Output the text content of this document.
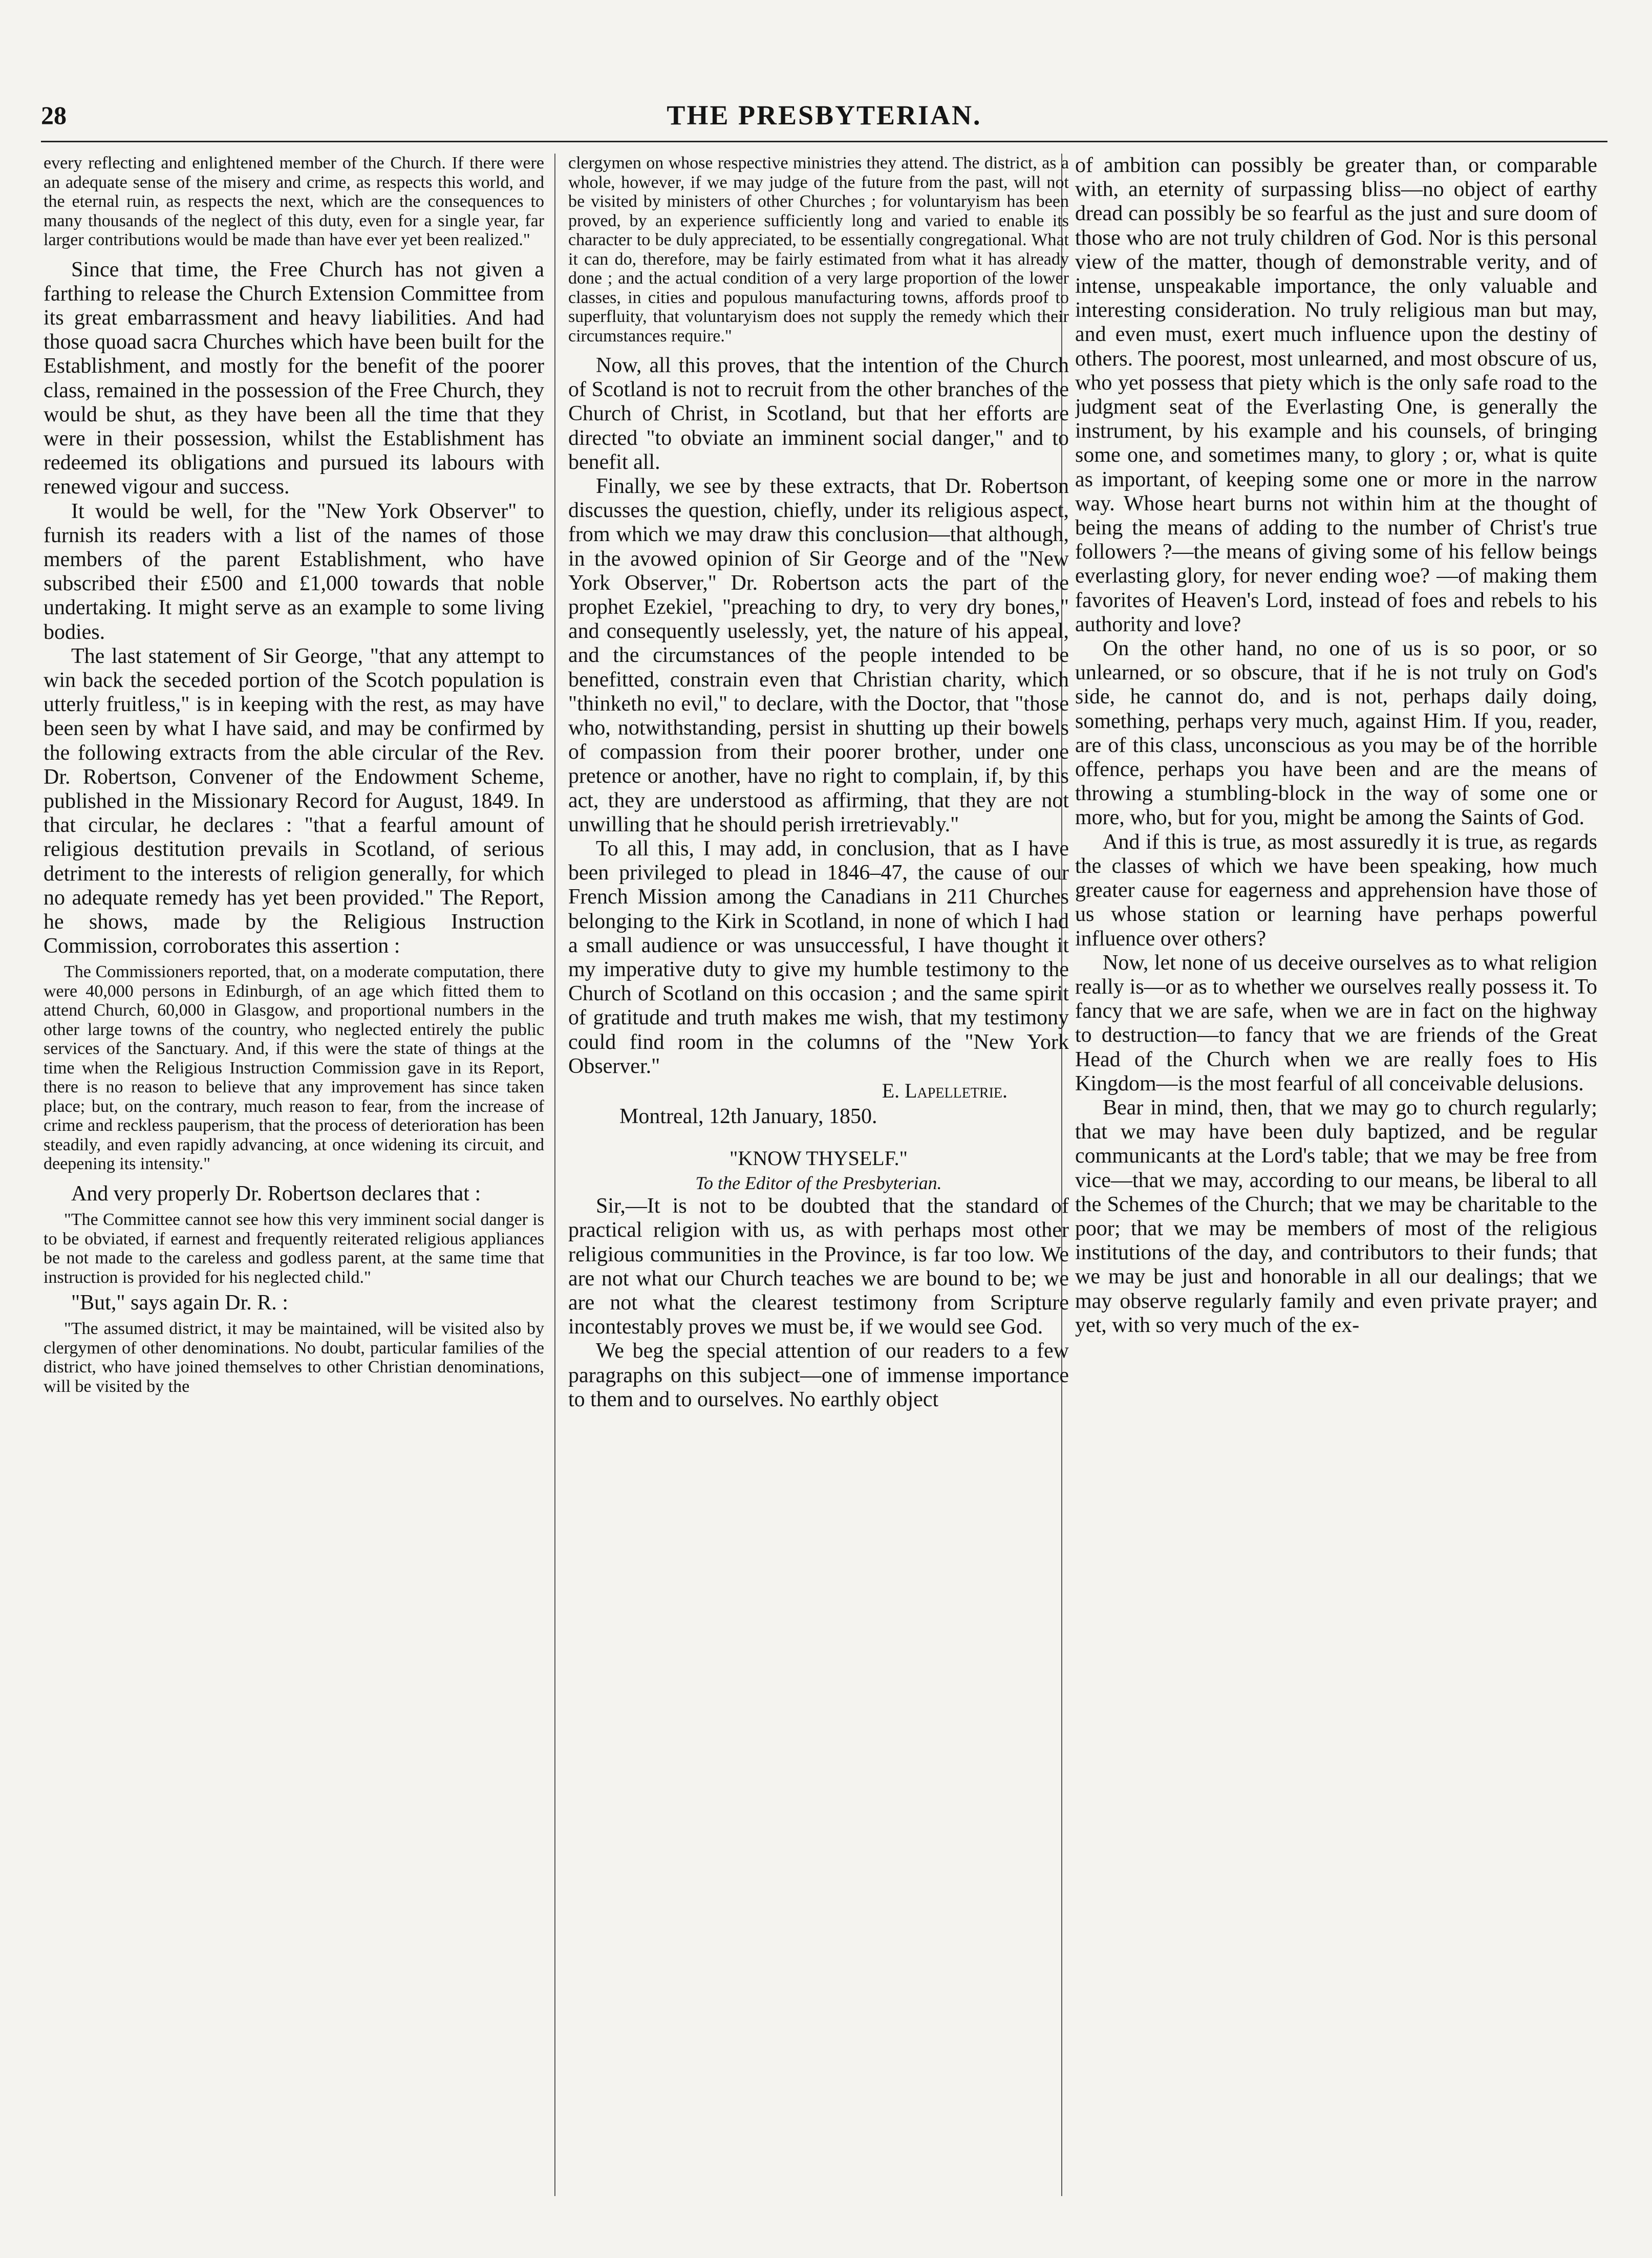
28	THE PRESBYTERIAN.

every reflecting and enlightened member of the Church. If there were an adequate sense of the misery and crime, as respects this world, and the eternal ruin, as respects the next, which are the consequences to many thousands of the neglect of this duty, even for a single year, far larger contributions would be made than have ever yet been realized."

Since that time, the Free Church has not given a farthing to release the Church Extension Committee from its great embarrassment and heavy liabilities. And had those quoad sacra Churches which have been built for the Establishment, and mostly for the benefit of the poorer class, remained in the possession of the Free Church, they would be shut, as they have been all the time that they were in their possession, whilst the Establishment has redeemed its obligations and pursued its labours with renewed vigour and success.

It would be well, for the "New York Observer" to furnish its readers with a list of the names of those members of the parent Establishment, who have subscribed their £500 and £1,000 towards that noble undertaking. It might serve as an example to some living bodies.

The last statement of Sir George, "that any attempt to win back the seceded portion of the Scotch population is utterly fruitless," is in keeping with the rest, as may have been seen by what I have said, and may be confirmed by the following extracts from the able circular of the Rev. Dr. Robertson, Convener of the Endowment Scheme, published in the Missionary Record for August, 1849. In that circular, he declares : "that a fearful amount of religious destitution prevails in Scotland, of serious detriment to the interests of religion generally, for which no adequate remedy has yet been provided." The Report, he shows, made by the Religious Instruction Commission, corroborates this assertion :

The Commissioners reported, that, on a moderate computation, there were 40,000 persons in Edinburgh, of an age which fitted them to attend Church, 60,000 in Glasgow, and proportional numbers in the other large towns of the country, who neglected entirely the public services of the Sanctuary. And, if this were the state of things at the time when the Religious Instruction Commission gave in its Report, there is no reason to believe that any improvement has since taken place; but, on the contrary, much reason to fear, from the increase of crime and reckless pauperism, that the process of deterioration has been steadily, and even rapidly advancing, at once widening its circuit, and deepening its intensity."

And very properly Dr. Robertson declares that :

"The Committee cannot see how this very imminent social danger is to be obviated, if earnest and frequently reiterated religious appliances be not made to the careless and godless parent, at the same time that instruction is provided for his neglected child."

"But," says again Dr. R. :

"The assumed district, it may be maintained, will be visited also by clergymen of other denominations. No doubt, particular families of the district, who have joined themselves to other Christian denominations, will be visited by the

clergymen on whose respective ministries they attend. The district, as a whole, however, if we may judge of the future from the past, will not be visited by ministers of other Churches ; for voluntaryism has been proved, by an experience sufficiently long and varied to enable its character to be duly appreciated, to be essentially congregational. What it can do, therefore, may be fairly estimated from what it has already done ; and the actual condition of a very large proportion of the lower classes, in cities and populous manufacturing towns, affords proof to superfluity, that voluntaryism does not supply the remedy which their circumstances require."

Now, all this proves, that the intention of the Church of Scotland is not to recruit from the other branches of the Church of Christ, in Scotland, but that her efforts are directed "to obviate an imminent social danger," and to benefit all.

Finally, we see by these extracts, that Dr. Robertson discusses the question, chiefly, under its religious aspect, from which we may draw this conclusion—that although, in the avowed opinion of Sir George and of the "New York Observer," Dr. Robertson acts the part of the prophet Ezekiel, "preaching to dry, to very dry bones," and consequently uselessly, yet, the nature of his appeal, and the circumstances of the people intended to be benefitted, constrain even that Christian charity, which "thinketh no evil," to declare, with the Doctor, that "those who, notwithstanding, persist in shutting up their bowels of compassion from their poorer brother, under one pretence or another, have no right to complain, if, by this act, they are understood as affirming, that they are not unwilling that he should perish irretrievably."

To all this, I may add, in conclusion, that as I have been privileged to plead in 1846–47, the cause of our French Mission among the Canadians in 211 Churches belonging to the Kirk in Scotland, in none of which I had a small audience or was unsuccessful, I have thought it my imperative duty to give my humble testimony to the Church of Scotland on this occasion ; and the same spirit of gratitude and truth makes me wish, that my testimony could find room in the columns of the "New York Observer."

E. Lapelletrie.

Montreal, 12th January, 1850.

"KNOW THYSELF."

To the Editor of the Presbyterian.

Sir,—It is not to be doubted that the standard of practical religion with us, as with perhaps most other religious communities in the Province, is far too low. We are not what our Church teaches we are bound to be; we are not what the clearest testimony from Scripture incontestably proves we must be, if we would see God.

We beg the special attention of our readers to a few paragraphs on this subject—one of immense importance to them and to ourselves. No earthly object

of ambition can possibly be greater than, or comparable with, an eternity of surpassing bliss—no object of earthy dread can possibly be so fearful as the just and sure doom of those who are not truly children of God. Nor is this personal view of the matter, though of demonstrable verity, and of intense, unspeakable importance, the only valuable and interesting consideration. No truly religious man but may, and even must, exert much influence upon the destiny of others. The poorest, most unlearned, and most obscure of us, who yet possess that piety which is the only safe road to the judgment seat of the Everlasting One, is generally the instrument, by his example and his counsels, of bringing some one, and sometimes many, to glory ; or, what is quite as important, of keeping some one or more in the narrow way. Whose heart burns not within him at the thought of being the means of adding to the number of Christ's true followers ?—the means of giving some of his fellow beings everlasting glory, for never ending woe? —of making them favorites of Heaven's Lord, instead of foes and rebels to his authority and love?

On the other hand, no one of us is so poor, or so unlearned, or so obscure, that if he is not truly on God's side, he cannot do, and is not, perhaps daily doing, something, perhaps very much, against Him. If you, reader, are of this class, unconscious as you may be of the horrible offence, perhaps you have been and are the means of throwing a stumbling-block in the way of some one or more, who, but for you, might be among the Saints of God.

And if this is true, as most assuredly it is true, as regards the classes of which we have been speaking, how much greater cause for eagerness and apprehension have those of us whose station or learning have perhaps powerful influence over others?

Now, let none of us deceive ourselves as to what religion really is—or as to whether we ourselves really possess it. To fancy that we are safe, when we are in fact on the highway to destruction—to fancy that we are friends of the Great Head of the Church when we are really foes to His Kingdom—is the most fearful of all conceivable delusions.

Bear in mind, then, that we may go to church regularly; that we may have been duly baptized, and be regular communicants at the Lord's table; that we may be free from vice—that we may, according to our means, be liberal to all the Schemes of the Church; that we may be charitable to the poor; that we may be members of most of the religious institutions of the day, and contributors to their funds; that we may be just and honorable in all our dealings; that we may observe regularly family and even private prayer; and yet, with so very much of the ex-
